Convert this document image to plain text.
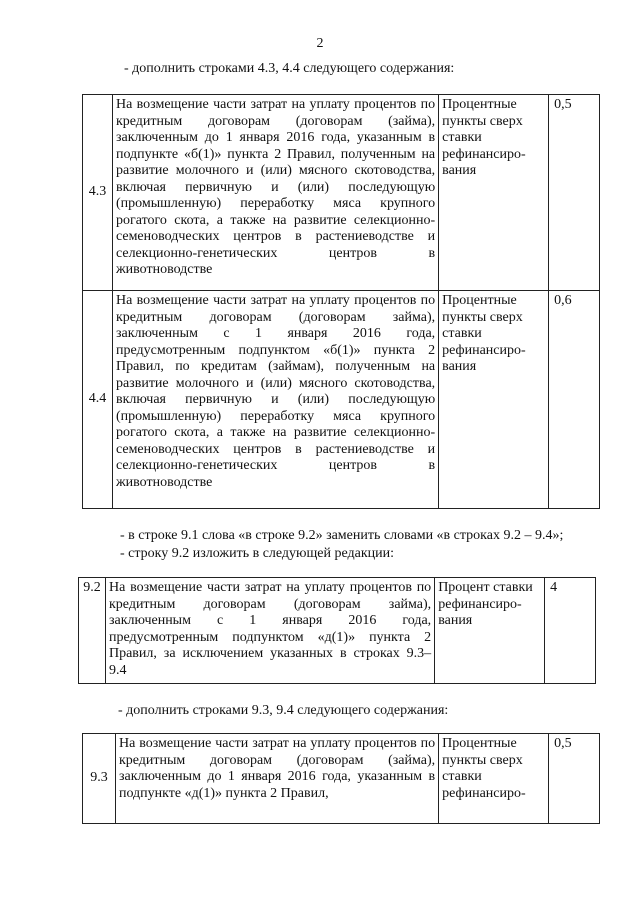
2
- дополнить строками 4.3, 4.4 следующего содержания:
4.3	На возмещение части затрат на уплату процентов по кредитным договорам (договорам (займа), заключенным до 1 января 2016 года, указанным в подпункте «б(1)» пункта 2 Правил, полученным на развитие молочного и (или) мясного скотоводства, включая первичную и (или) последующую (промышленную) переработку мяса крупного рогатого скота, а также на развитие селекционно-семеноводческих центров в растениеводстве и селекционно-генетических центров в животноводстве	Процентные пункты сверх ставки рефинансиро-вания	0,5
4.4	На возмещение части затрат на уплату процентов по кредитным договорам (договорам займа), заключенным с 1 января 2016 года, предусмотренным подпунктом «б(1)» пункта 2 Правил, по кредитам (займам), полученным на развитие молочного и (или) мясного скотоводства, включая первичную и (или) последующую (промышленную) переработку мяса крупного рогатого скота, а также на развитие селекционно-семеноводческих центров в растениеводстве и селекционно-генетических центров в животноводстве	Процентные пункты сверх ставки рефинансиро-вания	0,6
- в строке 9.1 слова «в строке 9.2» заменить словами «в строках 9.2 – 9.4»;
- строку 9.2 изложить в следующей редакции:
9.2	На возмещение части затрат на уплату процентов по кредитным договорам (договорам займа), заключенным с 1 января 2016 года, предусмотренным подпунктом «д(1)» пункта 2 Правил, за исключением указанных в строках 9.3– 9.4	Процент ставки рефинансиро-вания	4
- дополнить строками 9.3, 9.4 следующего содержания:
9.3	На возмещение части затрат на уплату процентов по кредитным договорам (договорам (займа), заключенным до 1 января 2016 года, указанным в подпункте «д(1)» пункта 2 Правил,	Процентные пункты сверх ставки рефинансиро-	0,5
